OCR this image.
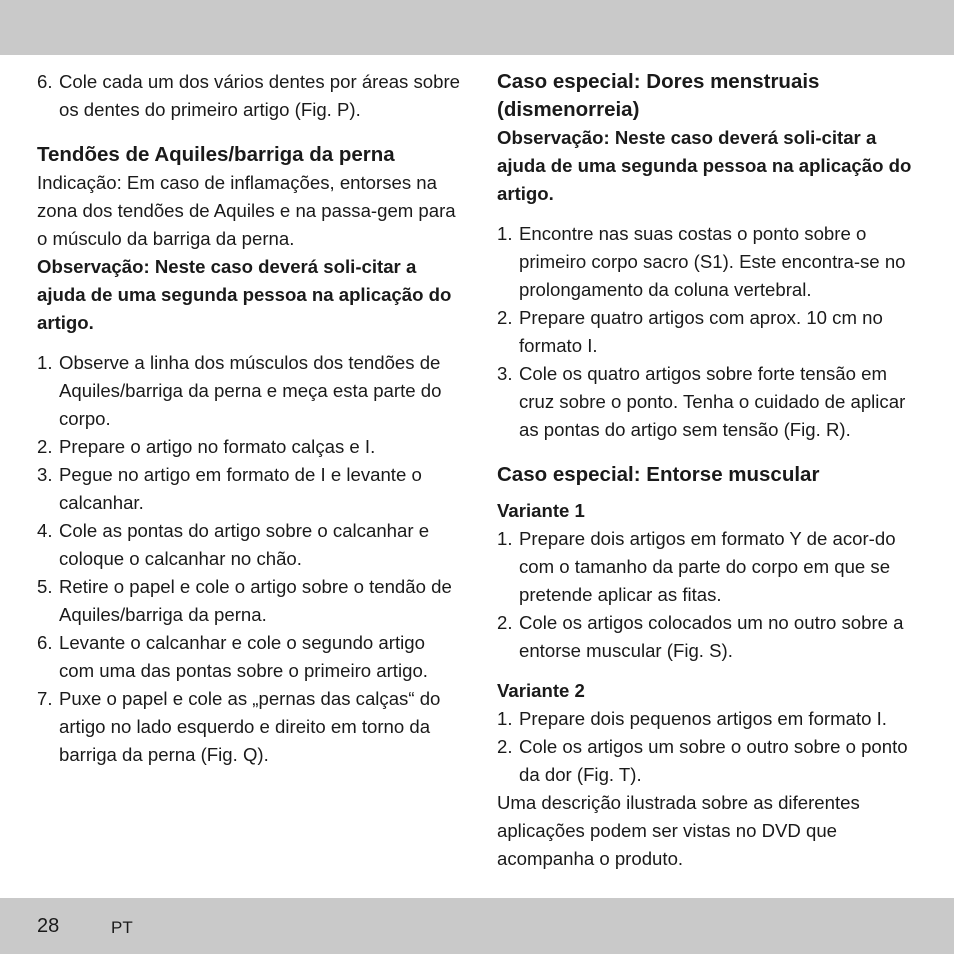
6. Cole cada um dos vários dentes por áreas sobre os dentes do primeiro artigo (Fig. P).
Tendões de Aquiles/barriga da perna

Indicação: Em caso de inflamações, entorses na zona dos tendões de Aquiles e na passa-gem para o músculo da barriga da perna.

Observação: Neste caso deverá soli-citar a ajuda de uma segunda pessoa na aplicação do artigo.

1. Observe a linha dos músculos dos tendões de Aquiles/barriga da perna e meça esta parte do corpo.
2. Prepare o artigo no formato calças e I.
3. Pegue no artigo em formato de I e levante o calcanhar.
4. Cole as pontas do artigo sobre o calcanhar e coloque o calcanhar no chão.
5. Retire o papel e cole o artigo sobre o tendão de Aquiles/barriga da perna.
6. Levante o calcanhar e cole o segundo artigo com uma das pontas sobre o primeiro artigo.
7. Puxe o papel e cole as „pernas das calças“ do artigo no lado esquerdo e direito em torno da barriga da perna (Fig. Q).
Caso especial: Dores menstruais (dismenorreia)

Observação: Neste caso deverá soli-citar a ajuda de uma segunda pessoa na aplicação do artigo.

1. Encontre nas suas costas o ponto sobre o primeiro corpo sacro (S1). Este encontra-se no prolongamento da coluna vertebral.
2. Prepare quatro artigos com aprox. 10 cm no formato I.
3. Cole os quatro artigos sobre forte tensão em cruz sobre o ponto. Tenha o cuidado de aplicar as pontas do artigo sem tensão (Fig. R).
Caso especial: Entorse muscular

Variante 1

1. Prepare dois artigos em formato Y de acor-do com o tamanho da parte do corpo em que se pretende aplicar as fitas.
2. Cole os artigos colocados um no outro sobre a entorse muscular (Fig. S).

Variante 2

1. Prepare dois pequenos artigos em formato I.
2. Cole os artigos um sobre o outro sobre o ponto da dor (Fig. T).

Uma descrição ilustrada sobre as diferentes aplicações podem ser vistas no DVD que acompanha o produto.

28	PT
